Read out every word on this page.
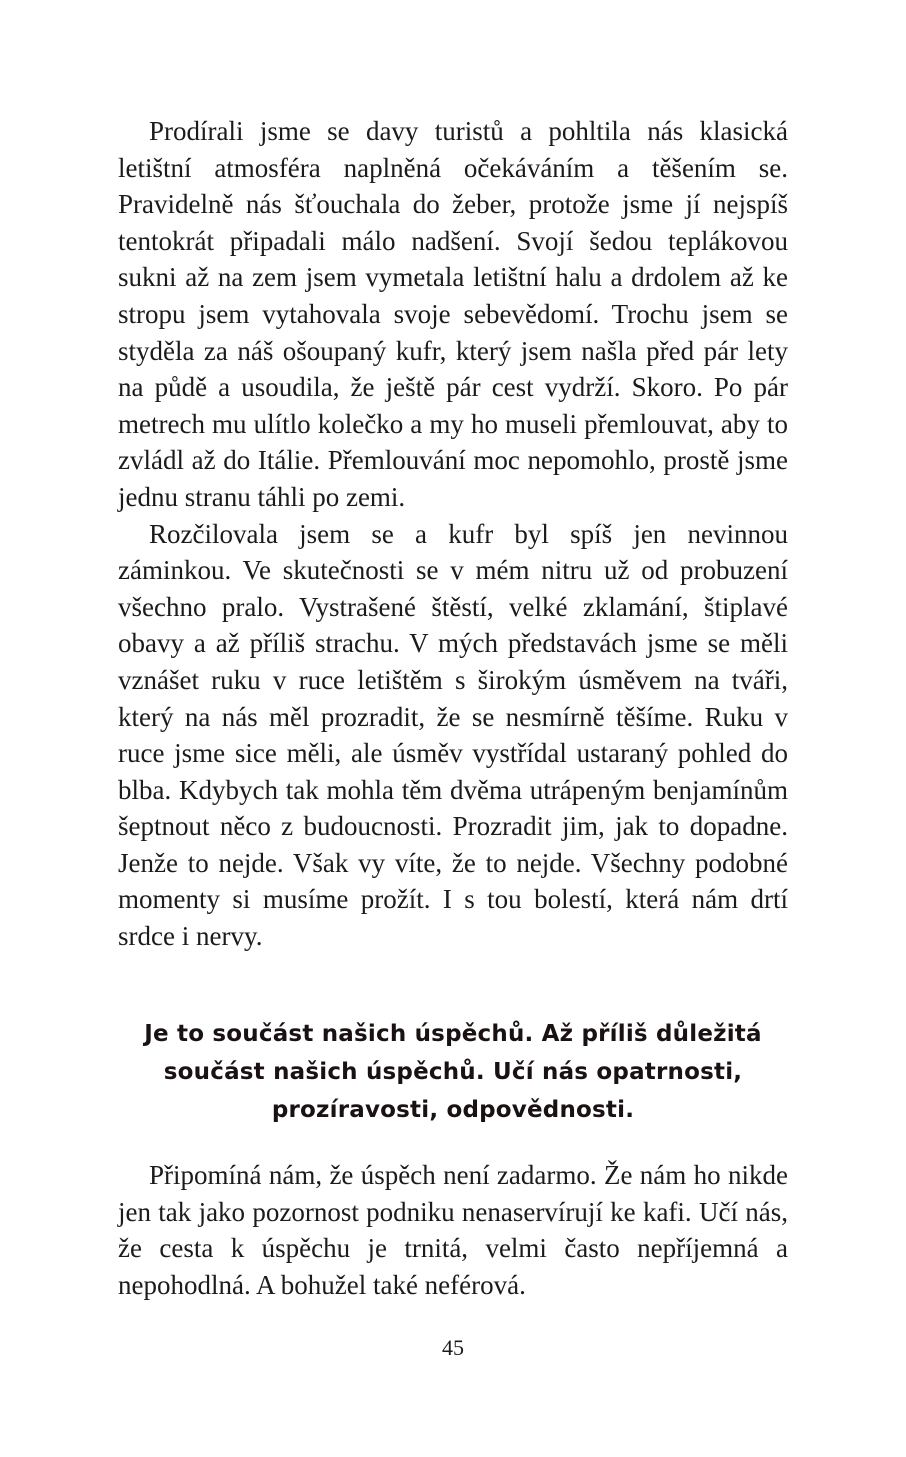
Prodírali jsme se davy turistů a pohltila nás klasická letištní atmosféra naplněná očekáváním a těšením se. Pravidelně nás šťouchala do žeber, protože jsme jí nejspíš tentokrát připadali málo nadšení. Svojí šedou teplákovou sukni až na zem jsem vymetala letištní halu a drdolem až ke stropu jsem vytahovala svoje sebevědomí. Trochu jsem se styděla za náš ošoupaný kufr, který jsem našla před pár lety na půdě a usoudila, že ještě pár cest vydrží. Skoro. Po pár metrech mu ulítlo kolečko a my ho museli přemlouvat, aby to zvládl až do Itálie. Přemlouvání moc nepomohlo, prostě jsme jednu stranu táhli po zemi.

Rozčilovala jsem se a kufr byl spíš jen nevinnou záminkou. Ve skutečnosti se v mém nitru už od probuzení všechno pralo. Vystrašené štěstí, velké zklamání, štiplavé obavy a až příliš strachu. V mých představách jsme se měli vznášet ruku v ruce letištěm s širokým úsměvem na tváři, který na nás měl prozradit, že se nesmírně těšíme. Ruku v ruce jsme sice měli, ale úsměv vystřídal ustaraný pohled do blba. Kdybych tak mohla těm dvěma utrápeným benjamínům šeptnout něco z budoucnosti. Prozradit jim, jak to dopadne. Jenže to nejde. Však vy víte, že to nejde. Všechny podobné momenty si musíme prožít. I s tou bolestí, která nám drtí srdce i nervy.

Je to součást našich úspěchů. Až příliš důležitá
součást našich úspěchů. Učí nás opatrnosti,
prozíravosti, odpovědnosti.

Připomíná nám, že úspěch není zadarmo. Že nám ho nikde jen tak jako pozornost podniku nenaservírují ke kafi. Učí nás, že cesta k úspěchu je trnitá, velmi často nepříjemná a nepohodlná. A bohužel také neférová.

45
